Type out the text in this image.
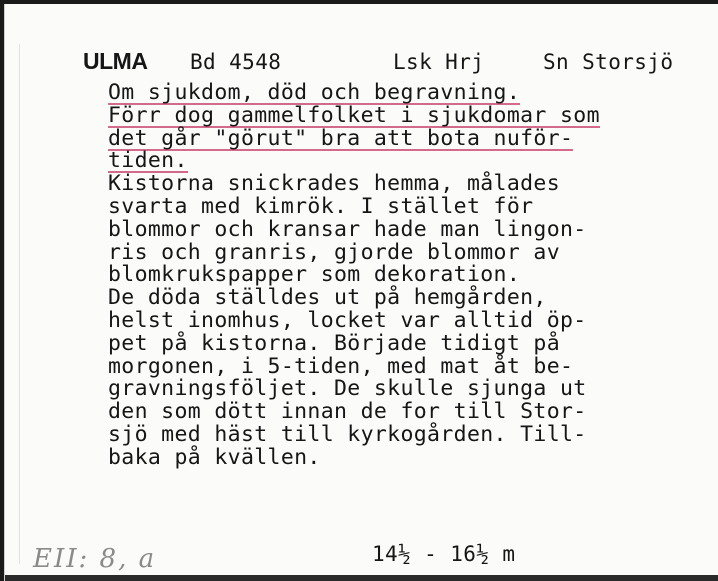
ULMA Bd 4548	Lsk Hrj	Sn Storsjö
Om sjukdom, död och begravning.
Förr dog gammelfolket i sjukdomar som
det går "görut" bra att bota nuför-
tiden.
Kistorna snickrades hemma, målades
svarta med kimrök. I stället för
blommor och kransar hade man lingon-
ris och granris, gjorde blommor av
blomkrukspapper som dekoration.
De döda ställdes ut på hemgården,
helst inomhus, locket var alltid öp-
pet på kistorna. Började tidigt på
morgonen, i 5-tiden, med mat åt be-
gravningsföljet. De skulle sjunga ut
den som dött innan de for till Stor-
sjö med häst till kyrkogården. Till-
baka på kvällen.
EII: 8, a	14½ - 16½ m
